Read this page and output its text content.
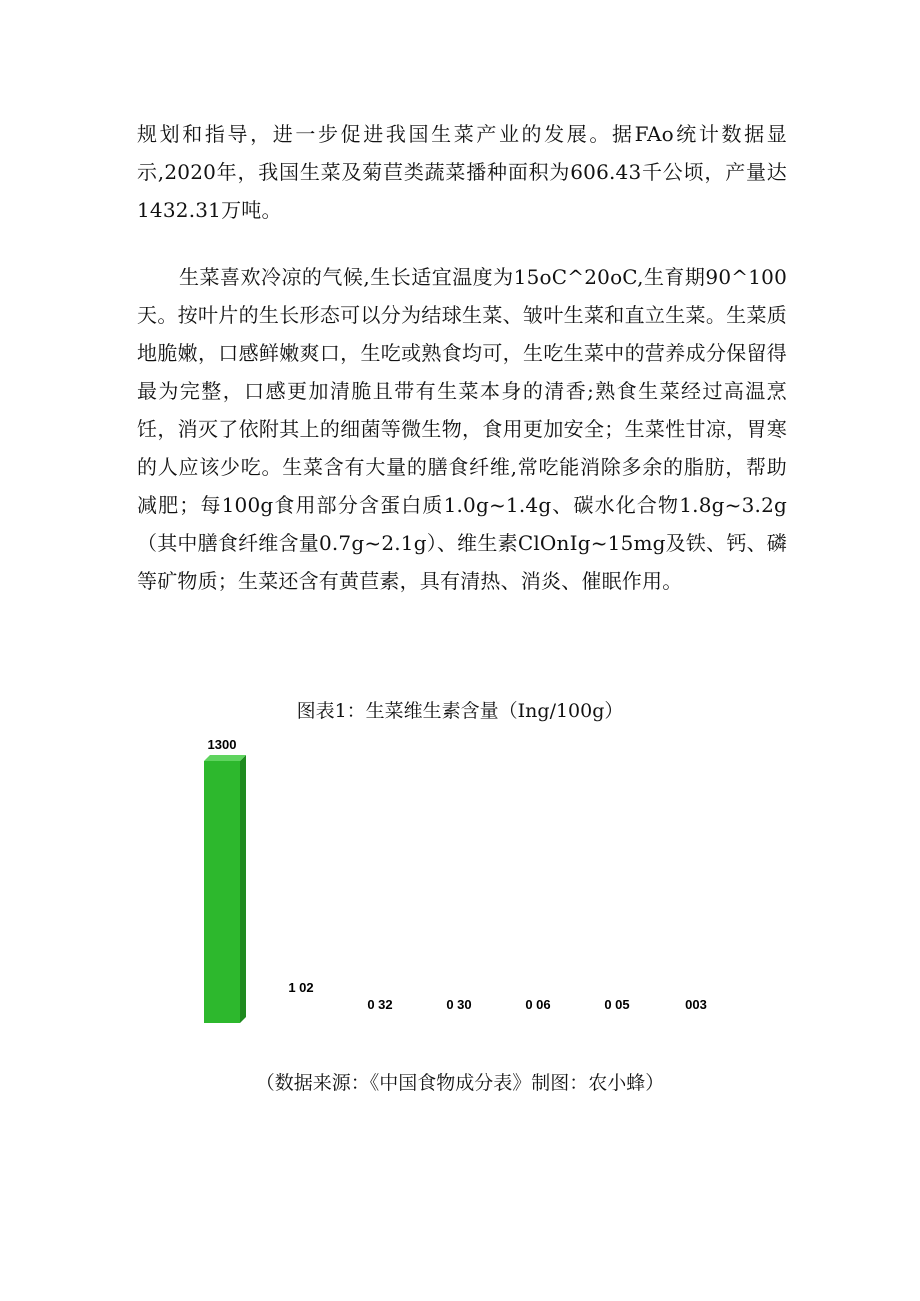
规划和指导，进一步促进我国生菜产业的发展。据FAo统计数据显示,2020年，我国生菜及菊苣类蔬菜播种面积为606.43千公顷，产量达1432.31万吨。

生菜喜欢冷凉的气候,生长适宜温度为15oC^20oC,生育期90^100天。按叶片的生长形态可以分为结球生菜、皱叶生菜和直立生菜。生菜质地脆嫩，口感鲜嫩爽口，生吃或熟食均可，生吃生菜中的营养成分保留得最为完整，口感更加清脆且带有生菜本身的清香;熟食生菜经过高温烹饪，消灭了依附其上的细菌等微生物，食用更加安全；生菜性甘凉，胃寒的人应该少吃。生菜含有大量的膳食纤维,常吃能消除多余的脂肪，帮助减肥；每100g食用部分含蛋白质1.0g~1.4g、碳水化合物1.8g~3.2g（其中膳食纤维含量0.7g~2.1g）、维生素ClOnIg~15mg及铁、钙、磷等矿物质；生菜还含有黄苣素，具有清热、消炎、催眠作用。

图表1：生菜维生素含量（Ing/100g）

1300
1 02
0 32	0 30	0 06	0 05	003

（数据来源：《中国食物成分表》制图：农小蜂）
